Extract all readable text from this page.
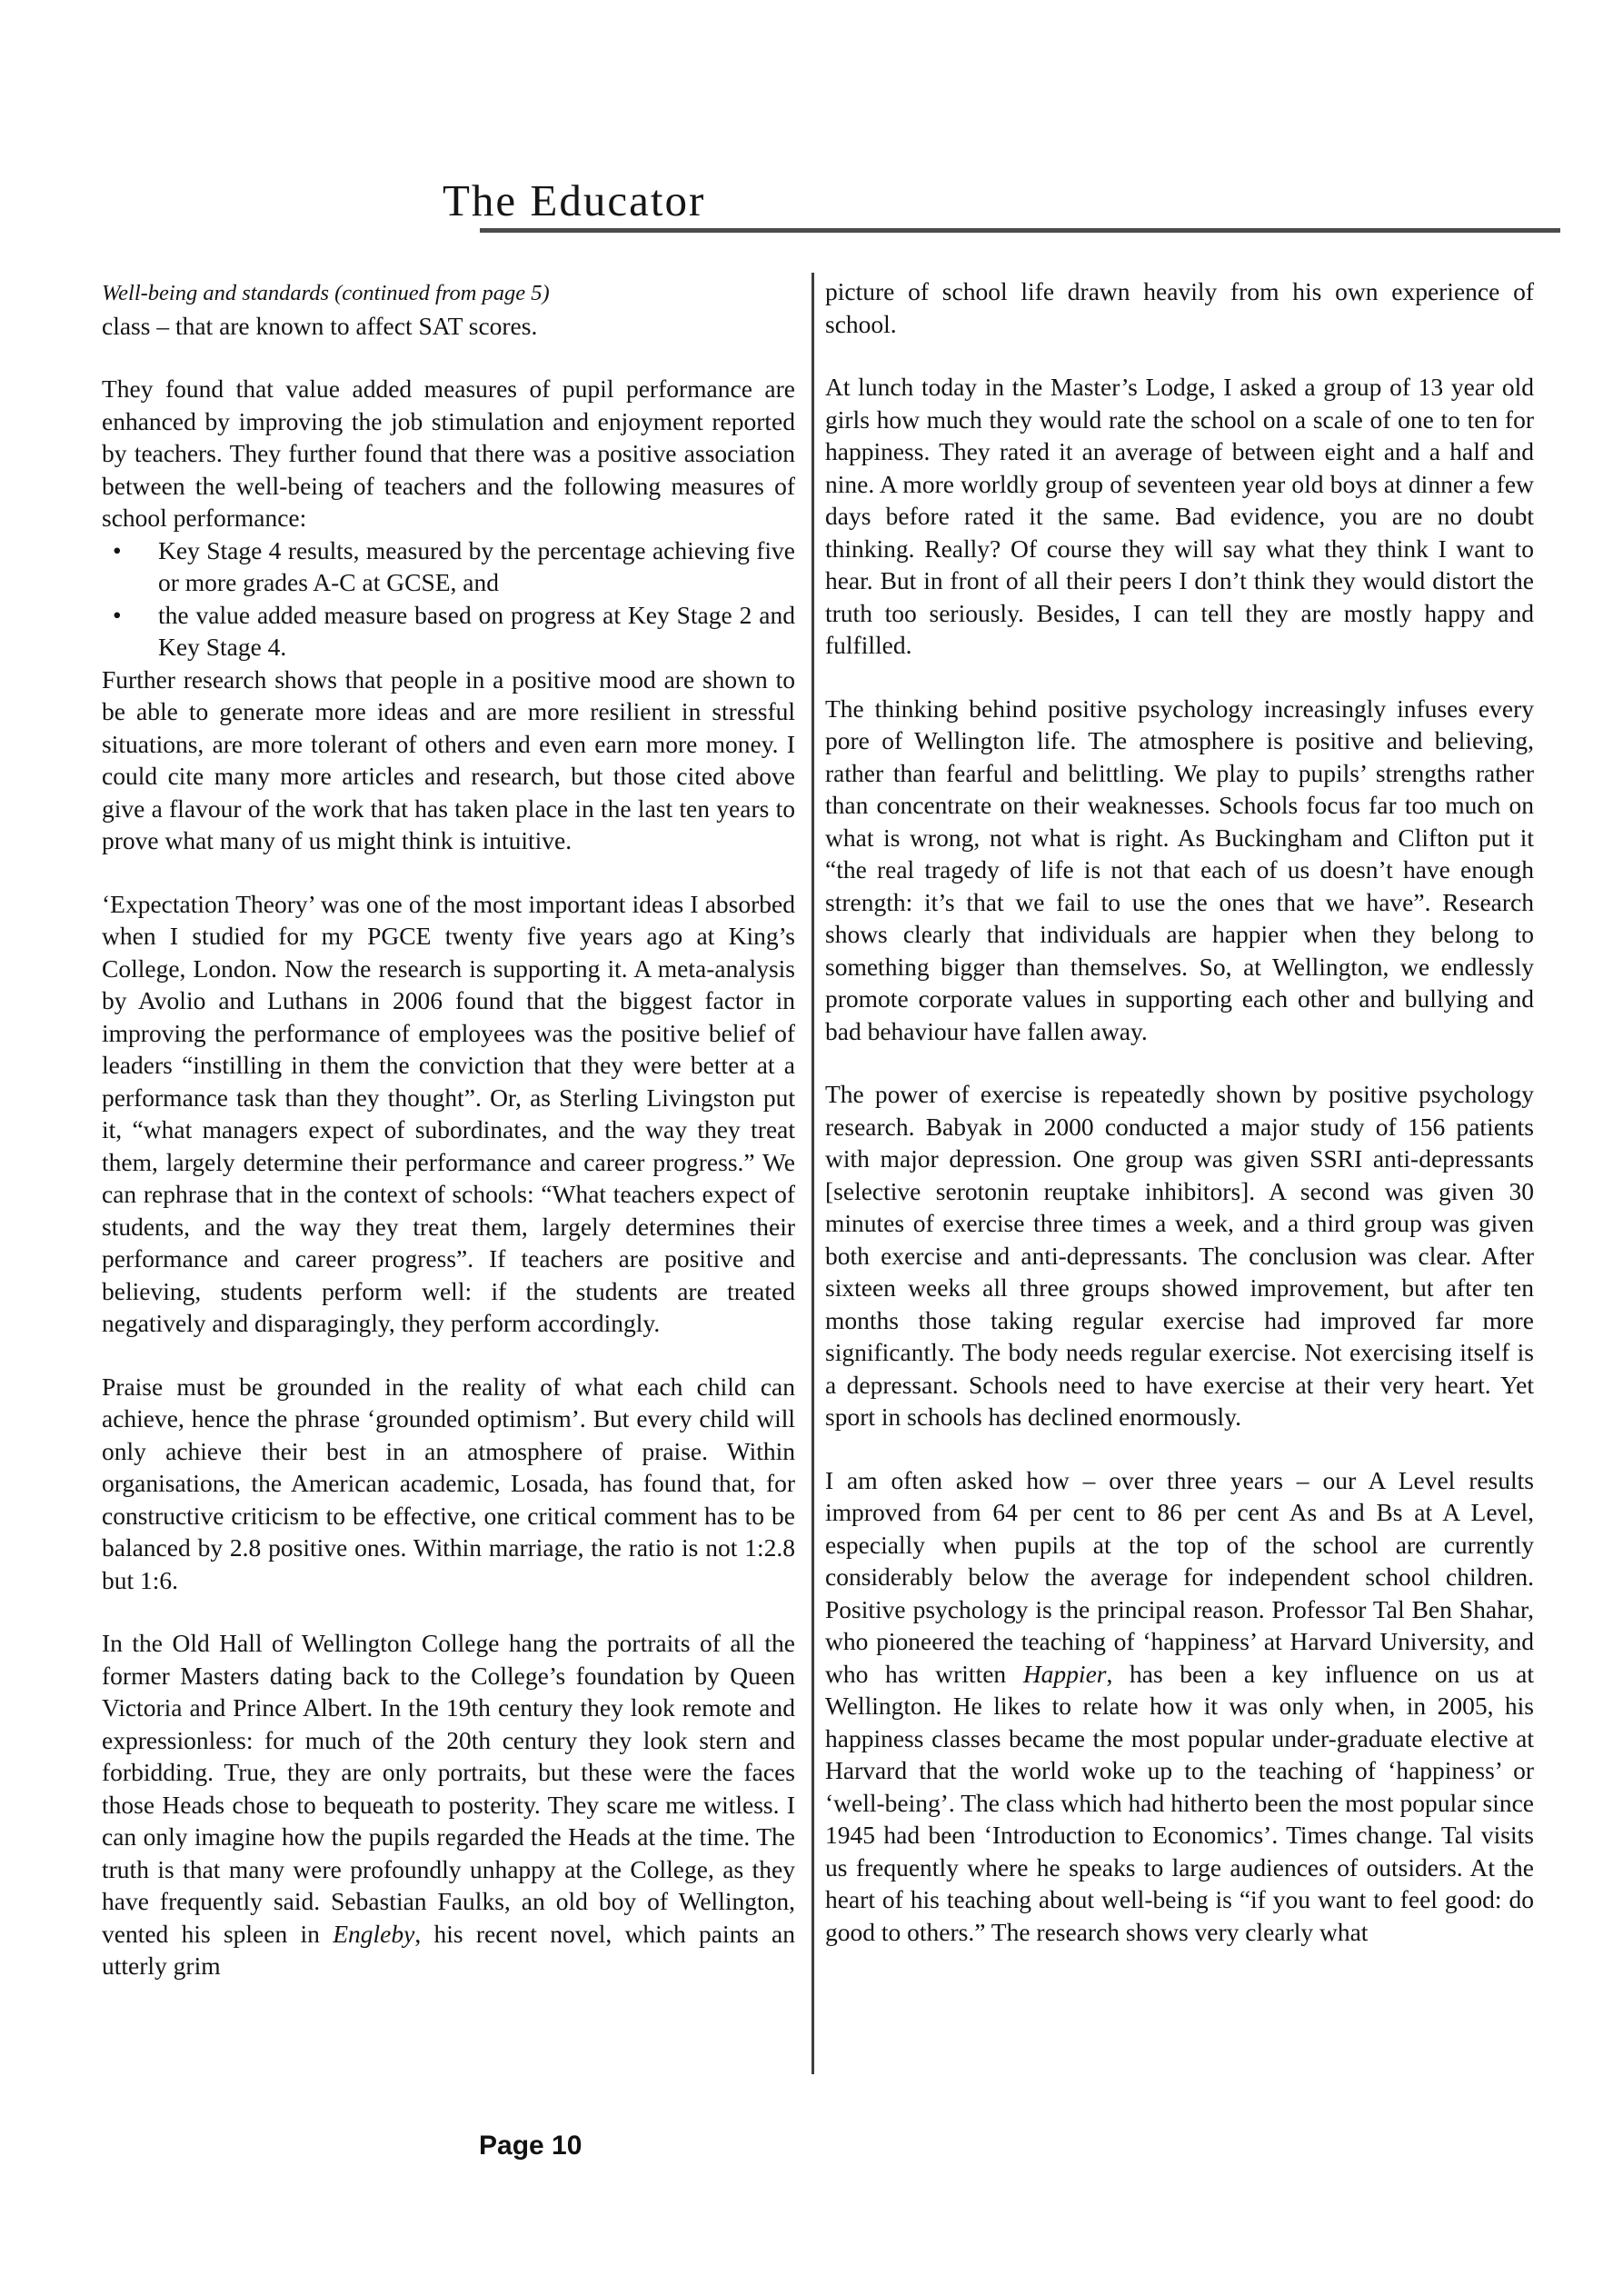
The Educator

Well-being and standards (continued from page 5)
class – that are known to affect SAT scores.

They found that value added measures of pupil performance are enhanced by improving the job stimulation and enjoyment reported by teachers. They further found that there was a positive association between the well-being of teachers and the following measures of school performance:

•	Key Stage 4 results, measured by the percentage achieving five or more grades A-C at GCSE, and
•	the value added measure based on progress at Key Stage 2 and Key Stage 4.

Further research shows that people in a positive mood are shown to be able to generate more ideas and are more resilient in stressful situations, are more tolerant of others and even earn more money. I could cite many more articles and research, but those cited above give a flavour of the work that has taken place in the last ten years to prove what many of us might think is intuitive.

‘Expectation Theory’ was one of the most important ideas I absorbed when I studied for my PGCE twenty five years ago at King’s College, London. Now the research is supporting it. A meta-analysis by Avolio and Luthans in 2006 found that the biggest factor in improving the performance of employees was the positive belief of leaders “instilling in them the conviction that they were better at a performance task than they thought”. Or, as Sterling Livingston put it, “what managers expect of subordinates, and the way they treat them, largely determine their performance and career progress.” We can rephrase that in the context of schools: “What teachers expect of students, and the way they treat them, largely determines their performance and career progress”. If teachers are positive and believing, students perform well: if the students are treated negatively and disparagingly, they perform accordingly.

Praise must be grounded in the reality of what each child can achieve, hence the phrase ‘grounded optimism’. But every child will only achieve their best in an atmosphere of praise. Within organisations, the American academic, Losada, has found that, for constructive criticism to be effective, one critical comment has to be balanced by 2.8 positive ones. Within marriage, the ratio is not 1:2.8 but 1:6.

In the Old Hall of Wellington College hang the portraits of all the former Masters dating back to the College’s foundation by Queen Victoria and Prince Albert. In the 19th century they look remote and expressionless: for much of the 20th century they look stern and forbidding. True, they are only portraits, but these were the faces those Heads chose to bequeath to posterity. They scare me witless. I can only imagine how the pupils regarded the Heads at the time. The truth is that many were profoundly unhappy at the College, as they have frequently said. Sebastian Faulks, an old boy of Wellington, vented his spleen in Engleby, his recent novel, which paints an utterly grim

picture of school life drawn heavily from his own experience of school.

At lunch today in the Master’s Lodge, I asked a group of 13 year old girls how much they would rate the school on a scale of one to ten for happiness. They rated it an average of between eight and a half and nine. A more worldly group of seventeen year old boys at dinner a few days before rated it the same. Bad evidence, you are no doubt thinking. Really? Of course they will say what they think I want to hear. But in front of all their peers I don’t think they would distort the truth too seriously. Besides, I can tell they are mostly happy and fulfilled.

The thinking behind positive psychology increasingly infuses every pore of Wellington life. The atmosphere is positive and believing, rather than fearful and belittling. We play to pupils’ strengths rather than concentrate on their weaknesses. Schools focus far too much on what is wrong, not what is right. As Buckingham and Clifton put it “the real tragedy of life is not that each of us doesn’t have enough strength: it’s that we fail to use the ones that we have”. Research shows clearly that individuals are happier when they belong to something bigger than themselves. So, at Wellington, we endlessly promote corporate values in supporting each other and bullying and bad behaviour have fallen away.

The power of exercise is repeatedly shown by positive psychology research. Babyak in 2000 conducted a major study of 156 patients with major depression. One group was given SSRI anti-depressants [selective serotonin reuptake inhibitors]. A second was given 30 minutes of exercise three times a week, and a third group was given both exercise and anti-depressants. The conclusion was clear. After sixteen weeks all three groups showed improvement, but after ten months those taking regular exercise had improved far more significantly. The body needs regular exercise. Not exercising itself is a depressant. Schools need to have exercise at their very heart. Yet sport in schools has declined enormously.

I am often asked how – over three years – our A Level results improved from 64 per cent to 86 per cent As and Bs at A Level, especially when pupils at the top of the school are currently considerably below the average for independent school children. Positive psychology is the principal reason. Professor Tal Ben Shahar, who pioneered the teaching of ‘happiness’ at Harvard University, and who has written Happier, has been a key influence on us at Wellington. He likes to relate how it was only when, in 2005, his happiness classes became the most popular under-graduate elective at Harvard that the world woke up to the teaching of ‘happiness’ or ‘well-being’. The class which had hitherto been the most popular since 1945 had been ‘Introduction to Economics’. Times change. Tal visits us frequently where he speaks to large audiences of outsiders. At the heart of his teaching about well-being is “if you want to feel good: do good to others.” The research shows very clearly what

Page 10
